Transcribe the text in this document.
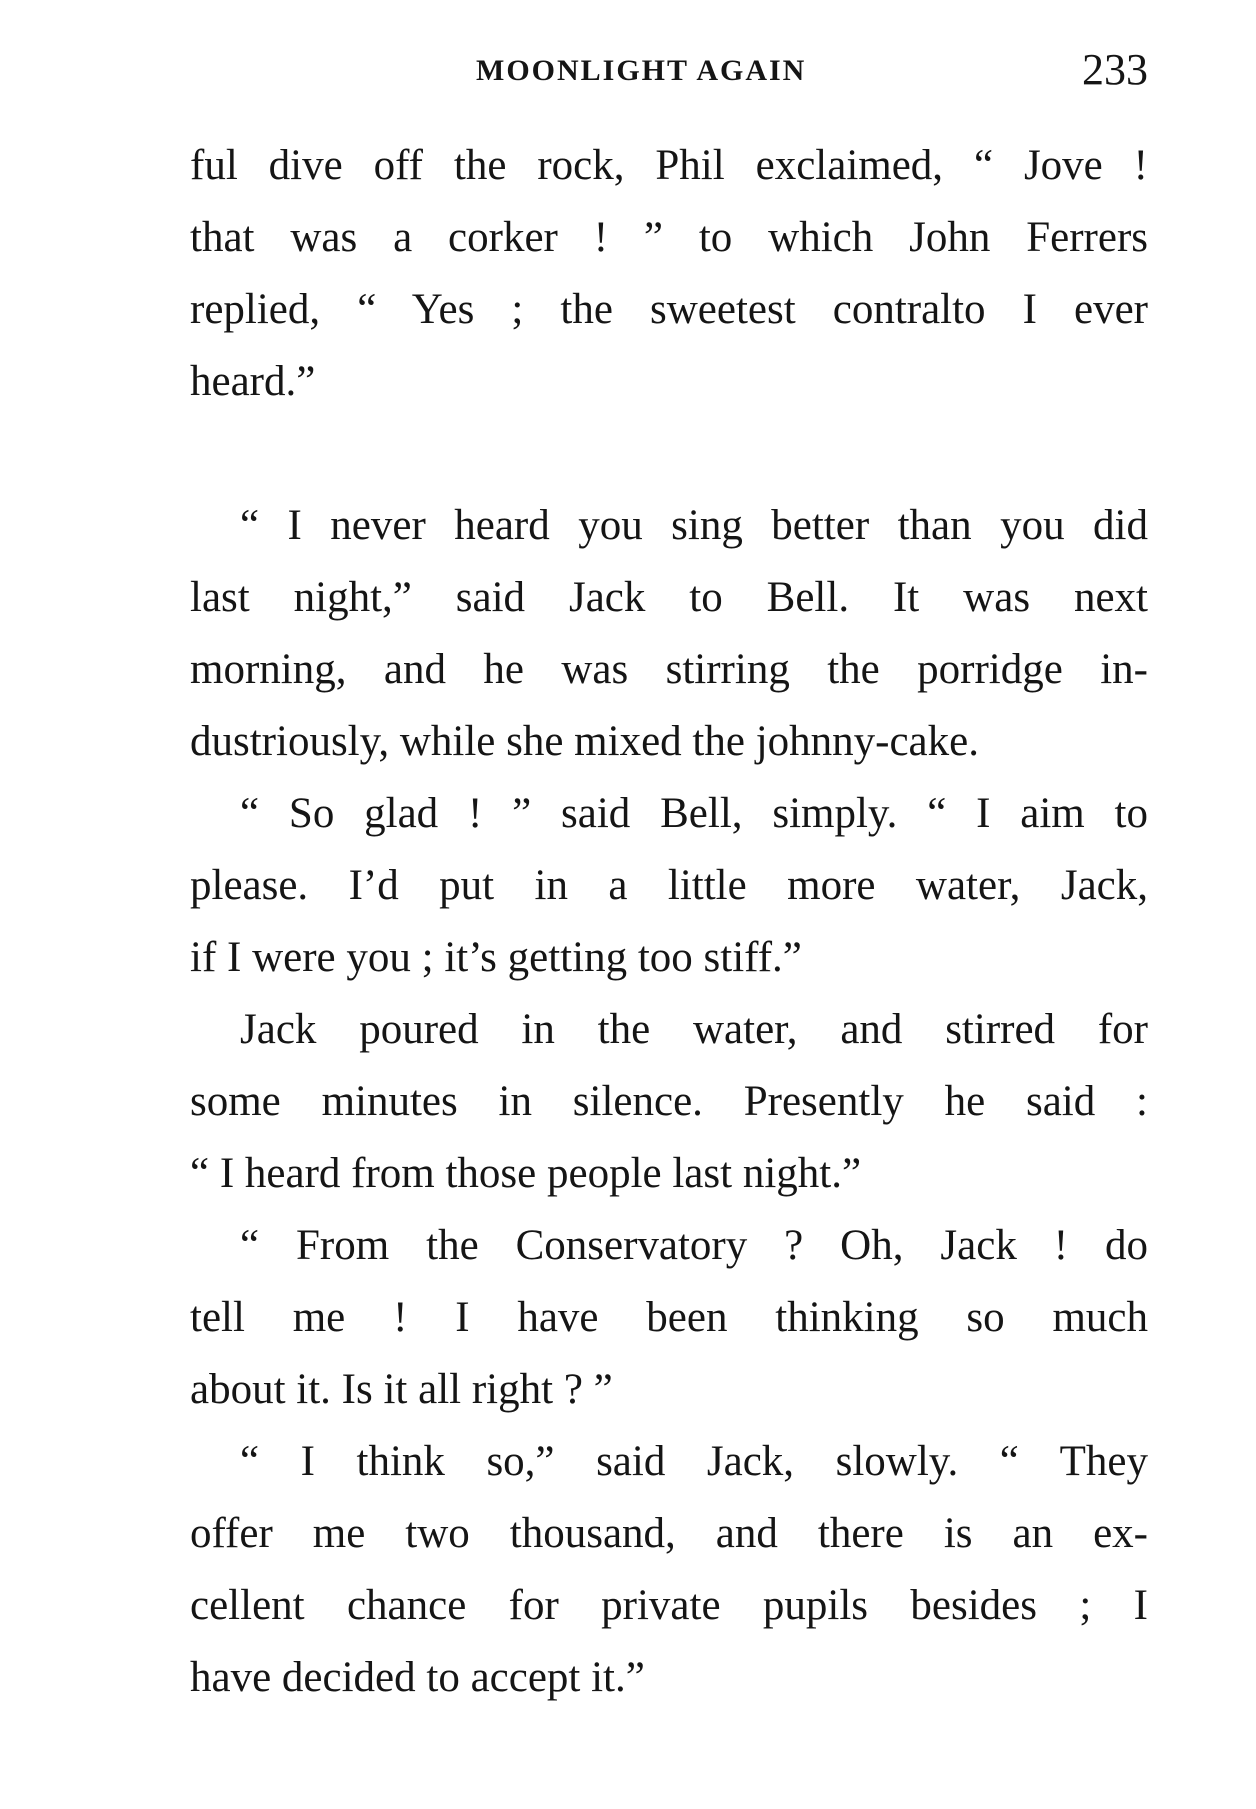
MOONLIGHT AGAIN	233
ful dive off the rock, Phil exclaimed, “ Jove !
that was a corker ! ” to which John Ferrers
replied, “ Yes ; the sweetest contralto I ever
heard.”
“ I never heard you sing better than you did
last night,” said Jack to Bell. It was next
morning, and he was stirring the porridge in-
dustriously, while she mixed the johnny-cake.
“ So glad ! ” said Bell, simply. “ I aim to
please. I’d put in a little more water, Jack,
if I were you ; it’s getting too stiff.”
Jack poured in the water, and stirred for
some minutes in silence. Presently he said :
“ I heard from those people last night.”
“ From the Conservatory ? Oh, Jack ! do
tell me ! I have been thinking so much
about it. Is it all right ? ”
“ I think so,” said Jack, slowly. “ They
offer me two thousand, and there is an ex-
cellent chance for private pupils besides ; I
have decided to accept it.”
